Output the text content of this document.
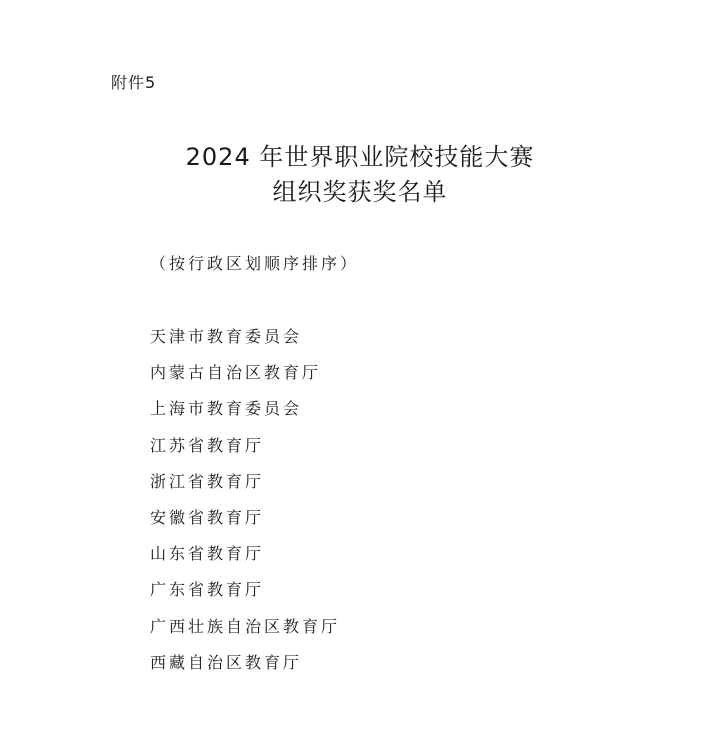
附件5
2024 年世界职业院校技能大赛
组织奖获奖名单
（按行政区划顺序排序）
天津市教育委员会
内蒙古自治区教育厅
上海市教育委员会
江苏省教育厅
浙江省教育厅
安徽省教育厅
山东省教育厅
广东省教育厅
广西壮族自治区教育厅
西藏自治区教育厅
